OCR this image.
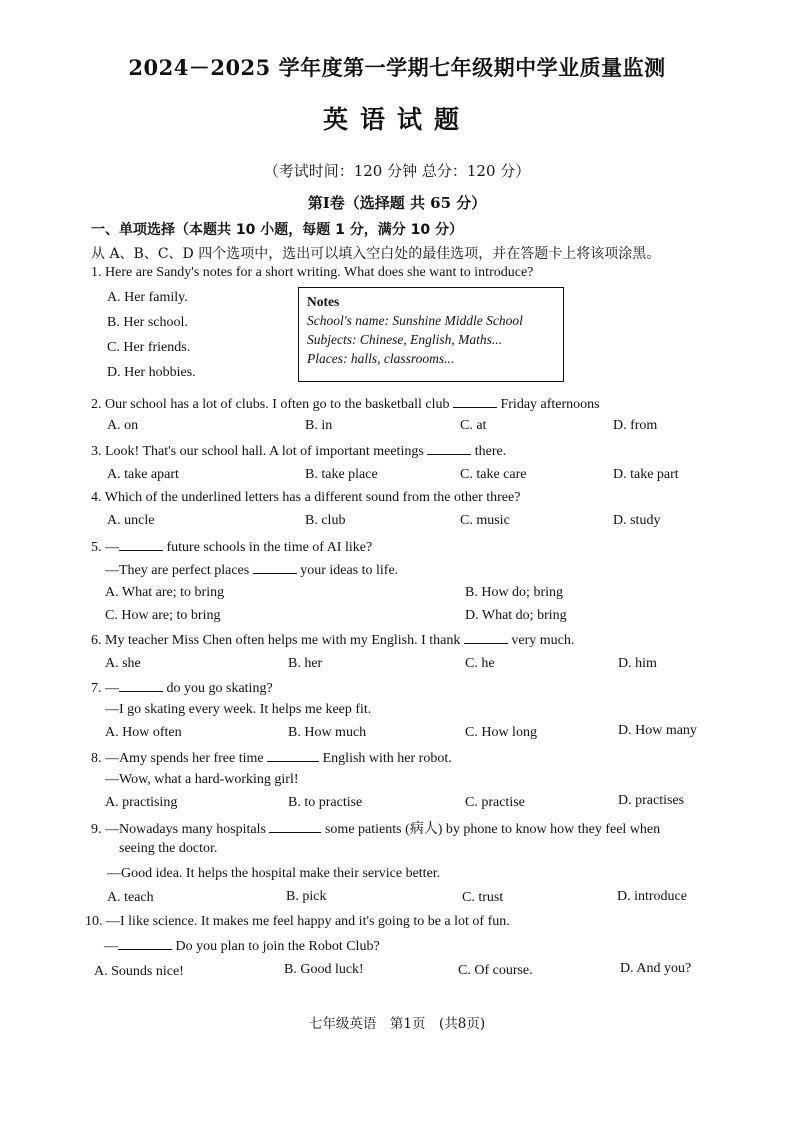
2024－2025 学年度第一学期七年级期中学业质量监测
英语试题
（考试时间：120 分钟 总分：120 分）
第Ⅰ卷（选择题 共 65 分）
一、单项选择（本题共 10 小题，每题 1 分，满分 10 分）
从 A、B、C、D 四个选项中，选出可以填入空白处的最佳选项，并在答题卡上将该项涂黑。
1. Here are Sandy's notes for a short writing. What does she want to introduce?
A. Her family.
B. Her school.
C. Her friends.
D. Her hobbies.
Notes
School's name: Sunshine Middle School
Subjects: Chinese, English, Maths...
Places: halls, classrooms...
2. Our school has a lot of clubs. I often go to the basketball club	Friday afternoons
A. on	B. in	C. at	D. from
3. Look! That's our school hall. A lot of important meetings	there.
A. take apart	B. take place	C. take care	D. take part
4. Which of the underlined letters has a different sound from the other three?
A. uncle	B. club	C. music	D. study
5. —	future schools in the time of AI like?
—They are perfect places	your ideas to life.
A. What are; to bring	B. How do; bring
C. How are; to bring	D. What do; bring
6. My teacher Miss Chen often helps me with my English. I thank	very much.
A. she	B. her	C. he	D. him
7. —	do you go skating?
—I go skating every week. It helps me keep fit.
A. How often	B. How much	C. How long	D. How many
8. —Amy spends her free time	English with her robot.
—Wow, what a hard-working girl!
A. practising	B. to practise	C. practise	D. practises
9. —Nowadays many hospitals	some patients (病人) by phone to know how they feel when
seeing the doctor.
—Good idea. It helps the hospital make their service better.
A. teach	B. pick	C. trust	D. introduce
10. —I like science. It makes me feel happy and it's going to be a lot of fun.
—	Do you plan to join the Robot Club?
A. Sounds nice!	B. Good luck!	C. Of course.	D. And you?
七年级英语　第1页　(共8页)
